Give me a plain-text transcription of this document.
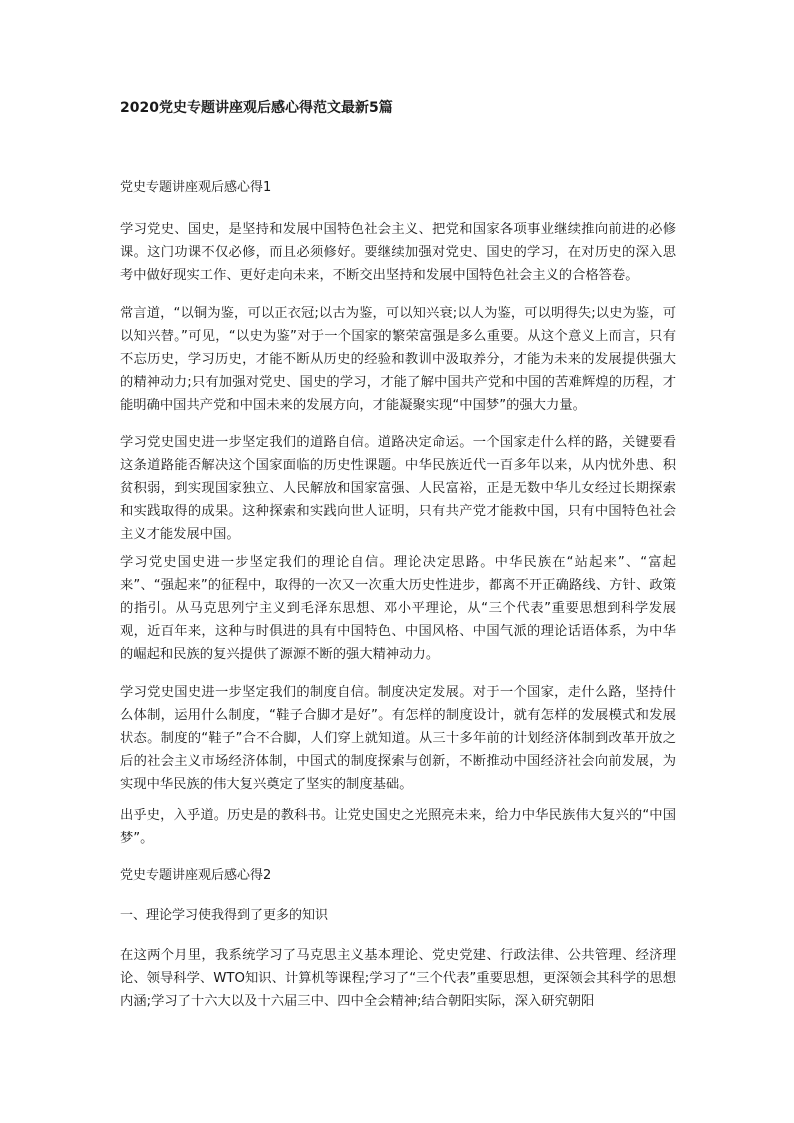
2020党史专题讲座观后感心得范文最新5篇
党史专题讲座观后感心得1
学习党史、国史，是坚持和发展中国特色社会主义、把党和国家各项事业继续推向前进的必修课。这门功课不仅必修，而且必须修好。要继续加强对党史、国史的学习，在对历史的深入思考中做好现实工作、更好走向未来，不断交出坚持和发展中国特色社会主义的合格答卷。
常言道，“以铜为鉴，可以正衣冠;以古为鉴，可以知兴衰;以人为鉴，可以明得失;以史为鉴，可以知兴替。”可见，“以史为鉴”对于一个国家的繁荣富强是多么重要。从这个意义上而言，只有不忘历史，学习历史，才能不断从历史的经验和教训中汲取养分，才能为未来的发展提供强大的精神动力;只有加强对党史、国史的学习，才能了解中国共产党和中国的苦难辉煌的历程，才能明确中国共产党和中国未来的发展方向，才能凝聚实现“中国梦”的强大力量。
学习党史国史进一步坚定我们的道路自信。道路决定命运。一个国家走什么样的路，关键要看这条道路能否解决这个国家面临的历史性课题。中华民族近代一百多年以来，从内忧外患、积贫积弱，到实现国家独立、人民解放和国家富强、人民富裕，正是无数中华儿女经过长期探索和实践取得的成果。这种探索和实践向世人证明，只有共产党才能救中国，只有中国特色社会主义才能发展中国。
学习党史国史进一步坚定我们的理论自信。理论决定思路。中华民族在“站起来”、“富起来”、“强起来”的征程中，取得的一次又一次重大历史性进步，都离不开正确路线、方针、政策的指引。从马克思列宁主义到毛泽东思想、邓小平理论，从“三个代表”重要思想到科学发展观，近百年来，这种与时俱进的具有中国特色、中国风格、中国气派的理论话语体系，为中华的崛起和民族的复兴提供了源源不断的强大精神动力。
学习党史国史进一步坚定我们的制度自信。制度决定发展。对于一个国家，走什么路，坚持什么体制，运用什么制度，“鞋子合脚才是好”。有怎样的制度设计，就有怎样的发展模式和发展状态。制度的“鞋子”合不合脚，人们穿上就知道。从三十多年前的计划经济体制到改革开放之后的社会主义市场经济体制，中国式的制度探索与创新，不断推动中国经济社会向前发展，为实现中华民族的伟大复兴奠定了坚实的制度基础。
出乎史，入乎道。历史是的教科书。让党史国史之光照亮未来，给力中华民族伟大复兴的“中国梦”。
党史专题讲座观后感心得2
一、理论学习使我得到了更多的知识
在这两个月里，我系统学习了马克思主义基本理论、党史党建、行政法律、公共管理、经济理论、领导科学、WTO知识、计算机等课程;学习了“三个代表”重要思想，更深领会其科学的思想内涵;学习了十六大以及十六届三中、四中全会精神;结合朝阳实际，深入研究朝阳
